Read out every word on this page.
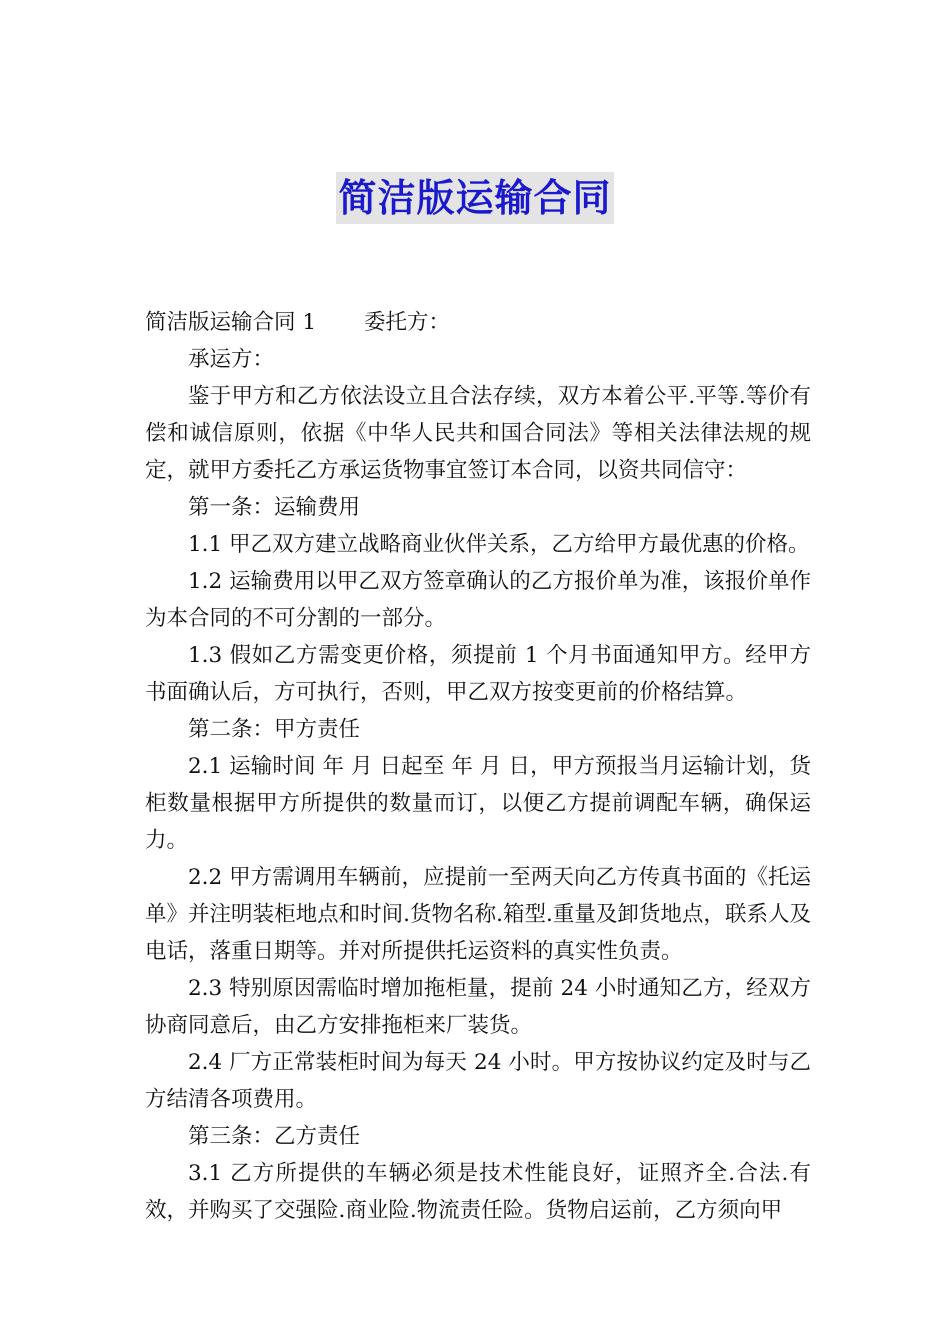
简洁版运输合同

简洁版运输合同 1 委托方：

承运方：

鉴于甲方和乙方依法设立且合法存续，双方本着公平.平等.等价有偿和诚信原则，依据《中华人民共和国合同法》等相关法律法规的规定，就甲方委托乙方承运货物事宜签订本合同，以资共同信守：

第一条：运输费用

1.1 甲乙双方建立战略商业伙伴关系，乙方给甲方最优惠的价格。

1.2 运输费用以甲乙双方签章确认的乙方报价单为准，该报价单作为本合同的不可分割的一部分。

1.3 假如乙方需变更价格，须提前 1 个月书面通知甲方。经甲方书面确认后，方可执行，否则，甲乙双方按变更前的价格结算。

第二条：甲方责任

2.1 运输时间 年 月 日起至 年 月 日，甲方预报当月运输计划，货柜数量根据甲方所提供的数量而订，以便乙方提前调配车辆，确保运力。

2.2 甲方需调用车辆前，应提前一至两天向乙方传真书面的《托运单》并注明装柜地点和时间.货物名称.箱型.重量及卸货地点，联系人及电话，落重日期等。并对所提供托运资料的真实性负责。

2.3 特别原因需临时增加拖柜量，提前 24 小时通知乙方，经双方协商同意后，由乙方安排拖柜来厂装货。

2.4 厂方正常装柜时间为每天 24 小时。甲方按协议约定及时与乙方结清各项费用。

第三条：乙方责任

3.1 乙方所提供的车辆必须是技术性能良好，证照齐全.合法.有效，并购买了交强险.商业险.物流责任险。货物启运前，乙方须向甲
